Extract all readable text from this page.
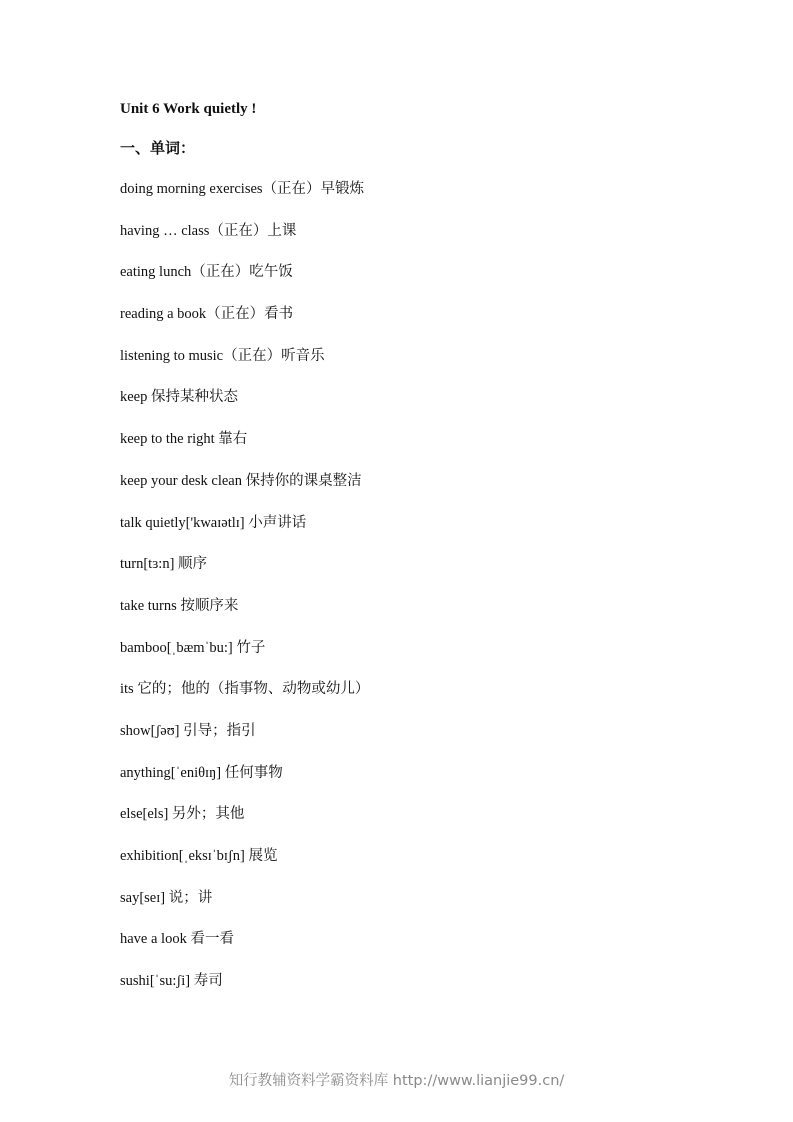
Unit 6 Work quietly !
一、单词：
doing morning exercises（正在）早锻炼
having … class（正在）上课
eating lunch（正在）吃午饭
reading a book（正在）看书
listening to music（正在）听音乐
keep 保持某种状态
keep to the right 靠右
keep your desk clean 保持你的课桌整洁
talk quietly['kwaɪətlɪ] 小声讲话
turn[tɜ:n] 顺序
take turns 按顺序来
bamboo[ˌbæmˈbu:] 竹子
its 它的；他的（指事物、动物或幼儿）
show[ʃəʊ] 引导；指引
anything[ˈeniθɪŋ] 任何事物
else[els] 另外；其他
exhibition[ˌeksɪˈbɪʃn] 展览
say[seɪ] 说；讲
have a look 看一看
sushi[ˈsu:ʃi] 寿司
知行教辅资料学霸资料库 http://www.lianjie99.cn/
